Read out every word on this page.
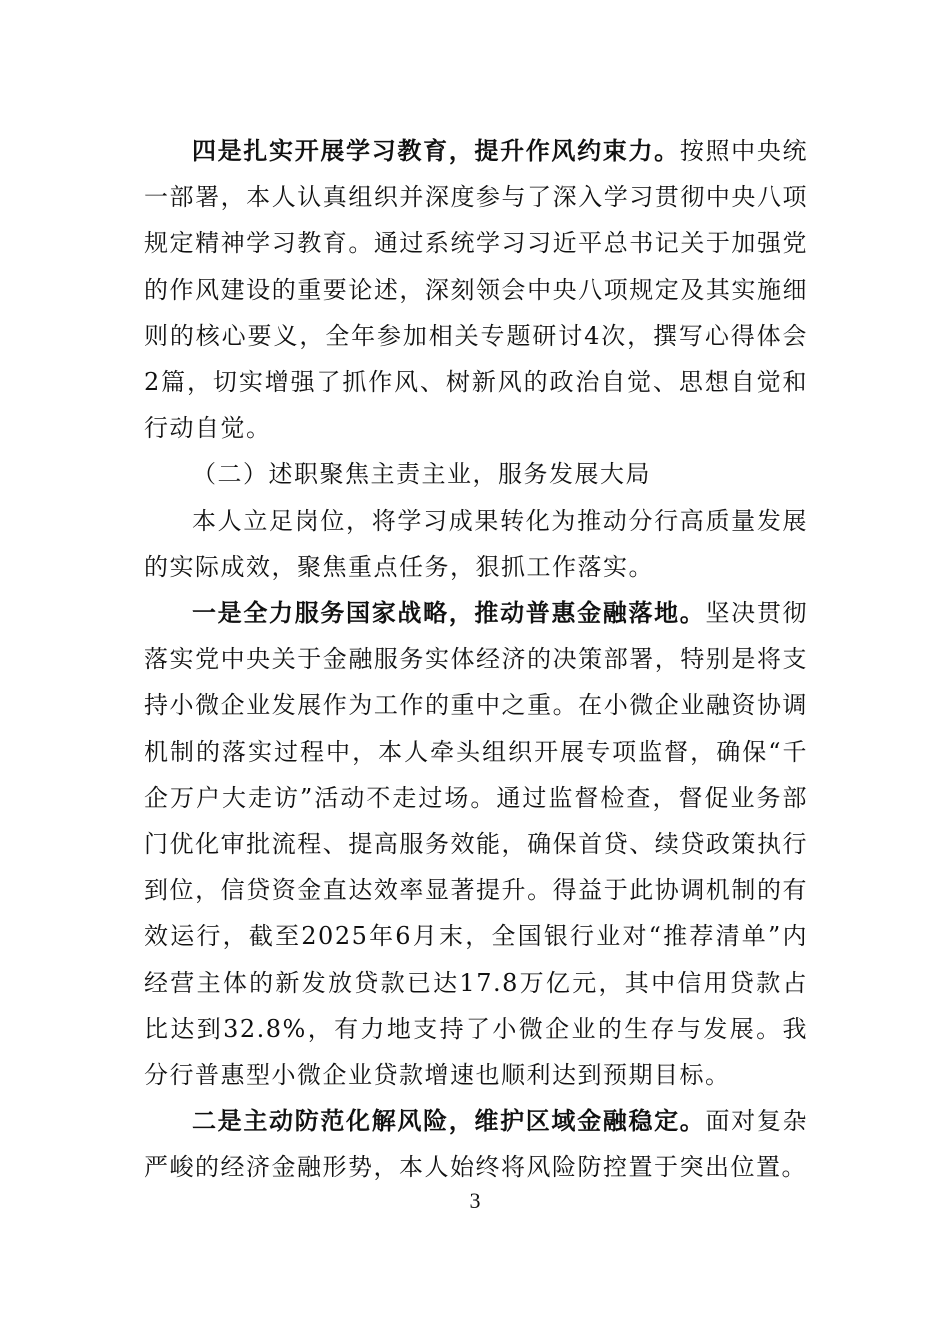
四是扎实开展学习教育，提升作风约束力。按照中央统一部署，本人认真组织并深度参与了深入学习贯彻中央八项规定精神学习教育。通过系统学习习近平总书记关于加强党的作风建设的重要论述，深刻领会中央八项规定及其实施细则的核心要义，全年参加相关专题研讨4次，撰写心得体会2篇，切实增强了抓作风、树新风的政治自觉、思想自觉和行动自觉。

（二）述职聚焦主责主业，服务发展大局

本人立足岗位，将学习成果转化为推动分行高质量发展的实际成效，聚焦重点任务，狠抓工作落实。

一是全力服务国家战略，推动普惠金融落地。坚决贯彻落实党中央关于金融服务实体经济的决策部署，特别是将支持小微企业发展作为工作的重中之重。在小微企业融资协调机制的落实过程中，本人牵头组织开展专项监督，确保“千企万户大走访”活动不走过场。通过监督检查，督促业务部门优化审批流程、提高服务效能，确保首贷、续贷政策执行到位，信贷资金直达效率显著提升。得益于此协调机制的有效运行，截至2025年6月末，全国银行业对“推荐清单”内经营主体的新发放贷款已达17.8万亿元，其中信用贷款占比达到32.8%，有力地支持了小微企业的生存与发展。我分行普惠型小微企业贷款增速也顺利达到预期目标。

二是主动防范化解风险，维护区域金融稳定。面对复杂严峻的经济金融形势，本人始终将风险防控置于突出位置。

3
